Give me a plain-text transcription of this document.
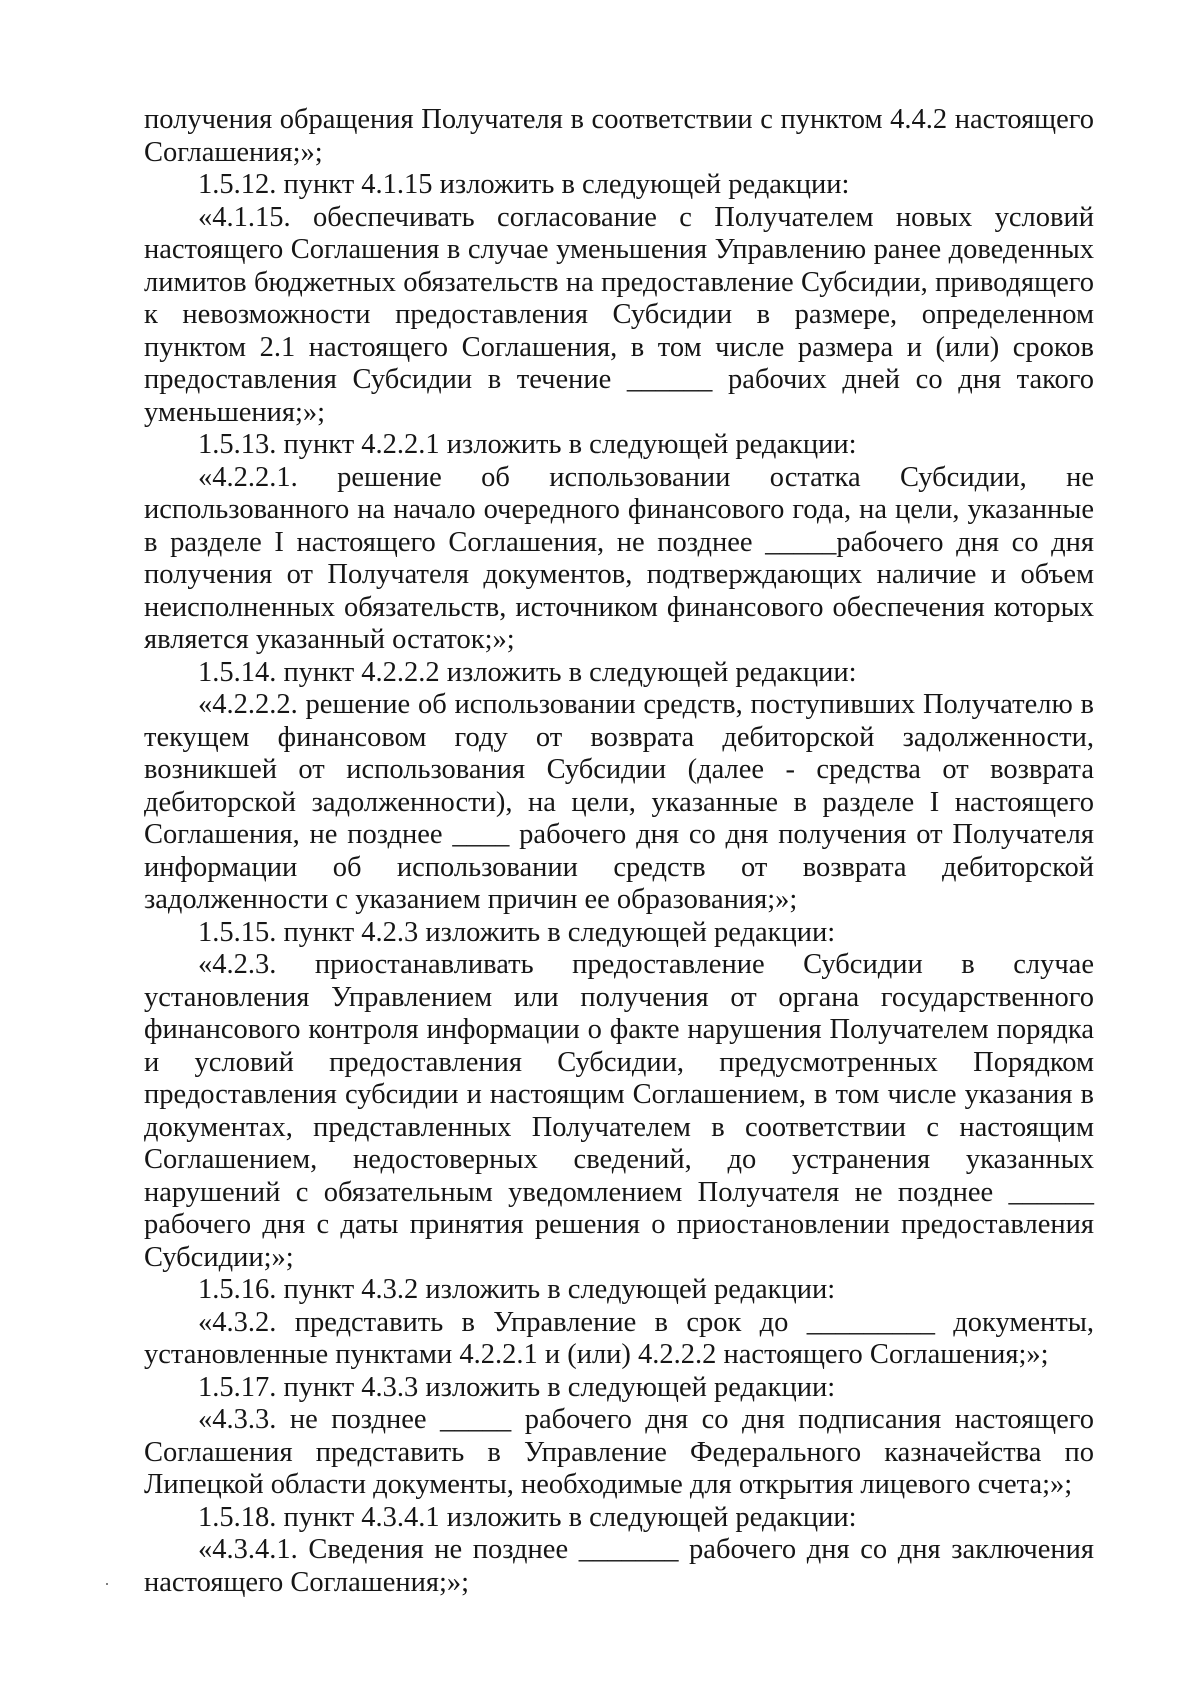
получения обращения Получателя в соответствии с пунктом 4.4.2 настоящего Соглашения;»;

1.5.12. пункт 4.1.15 изложить в следующей редакции:

«4.1.15. обеспечивать согласование с Получателем новых условий настоящего Соглашения в случае уменьшения Управлению ранее доведенных лимитов бюджетных обязательств на предоставление Субсидии, приводящего к невозможности предоставления Субсидии в размере, определенном пунктом 2.1 настоящего Соглашения, в том числе размера и (или) сроков предоставления Субсидии в течение ______ рабочих дней со дня такого уменьшения;»;

1.5.13. пункт 4.2.2.1 изложить в следующей редакции:

«4.2.2.1. решение об использовании остатка Субсидии, не использованного на начало очередного финансового года, на цели, указанные в разделе I настоящего Соглашения, не позднее _____рабочего дня со дня получения от Получателя документов, подтверждающих наличие и объем неисполненных обязательств, источником финансового обеспечения которых является указанный остаток;»;

1.5.14. пункт 4.2.2.2 изложить в следующей редакции:

«4.2.2.2. решение об использовании средств, поступивших Получателю в текущем финансовом году от возврата дебиторской задолженности, возникшей от использования Субсидии (далее - средства от возврата дебиторской задолженности), на цели, указанные в разделе I настоящего Соглашения, не позднее ____ рабочего дня со дня получения от Получателя информации об использовании средств от возврата дебиторской задолженности с указанием причин ее образования;»;

1.5.15. пункт 4.2.3 изложить в следующей редакции:

«4.2.3. приостанавливать предоставление Субсидии в случае установления Управлением или получения от органа государственного финансового контроля информации о факте нарушения Получателем порядка и условий предоставления Субсидии, предусмотренных Порядком предоставления субсидии и настоящим Соглашением, в том числе указания в документах, представленных Получателем в соответствии с настоящим Соглашением, недостоверных сведений, до устранения указанных нарушений с обязательным уведомлением Получателя не позднее ______ рабочего дня с даты принятия решения о приостановлении предоставления Субсидии;»;

1.5.16. пункт 4.3.2 изложить в следующей редакции:

«4.3.2. представить в Управление в срок до _________ документы, установленные пунктами 4.2.2.1 и (или) 4.2.2.2 настоящего Соглашения;»;

1.5.17. пункт 4.3.3 изложить в следующей редакции:

«4.3.3. не позднее _____ рабочего дня со дня подписания настоящего Соглашения представить в Управление Федерального казначейства по Липецкой области документы, необходимые для открытия лицевого счета;»;

1.5.18. пункт 4.3.4.1 изложить в следующей редакции:

«4.3.4.1. Сведения не позднее _______ рабочего дня со дня заключения настоящего Соглашения;»;
